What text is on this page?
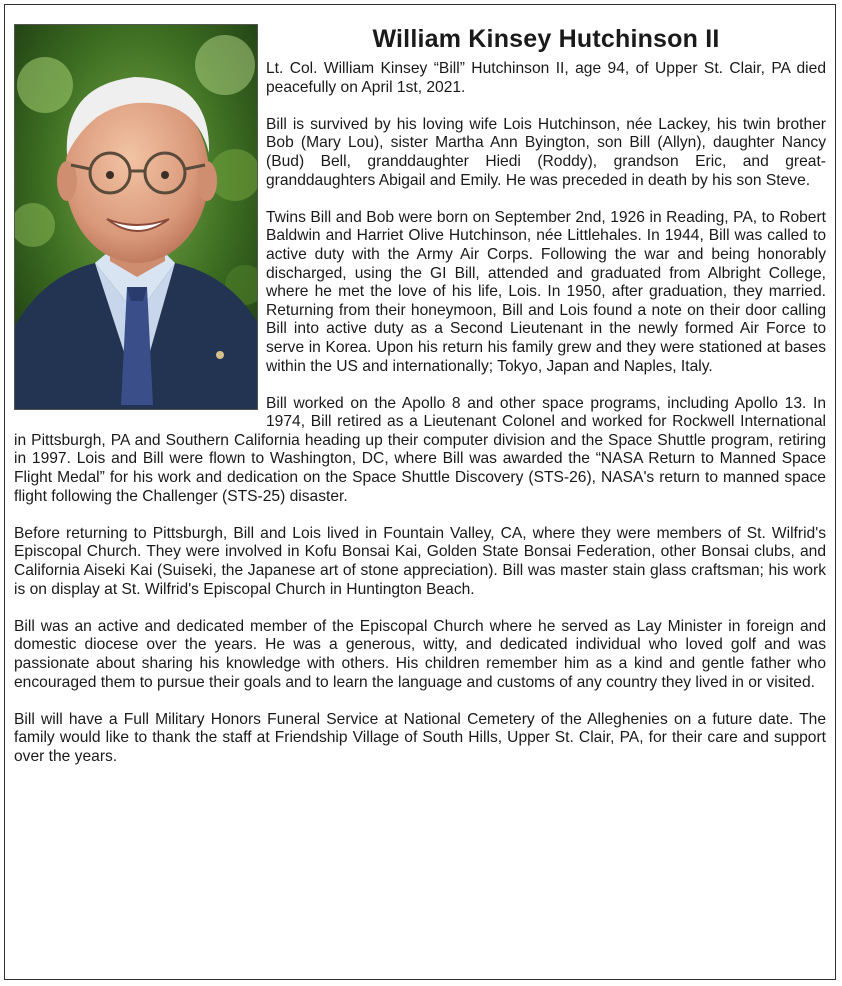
William Kinsey Hutchinson II

Lt. Col. William Kinsey “Bill” Hutchinson II, age 94, of Upper St. Clair, PA died peacefully on April 1st, 2021.

Bill is survived by his loving wife Lois Hutchinson, née Lackey, his twin brother Bob (Mary Lou), sister Martha Ann Byington, son Bill (Allyn), daughter Nancy (Bud) Bell, granddaughter Hiedi (Roddy), grandson Eric, and great-granddaughters Abigail and Emily. He was preceded in death by his son Steve.

Twins Bill and Bob were born on September 2nd, 1926 in Reading, PA, to Robert Baldwin and Harriet Olive Hutchinson, née Littlehales. In 1944, Bill was called to active duty with the Army Air Corps. Following the war and being honorably discharged, using the GI Bill, attended and graduated from Albright College, where he met the love of his life, Lois. In 1950, after graduation, they married. Returning from their honeymoon, Bill and Lois found a note on their door calling Bill into active duty as a Second Lieutenant in the newly formed Air Force to serve in Korea. Upon his return his family grew and they were stationed at bases within the US and internationally; Tokyo, Japan and Naples, Italy.

Bill worked on the Apollo 8 and other space programs, including Apollo 13. In 1974, Bill retired as a Lieutenant Colonel and worked for Rockwell International in Pittsburgh, PA and Southern California heading up their computer division and the Space Shuttle program, retiring in 1997. Lois and Bill were flown to Washington, DC, where Bill was awarded the “NASA Return to Manned Space Flight Medal” for his work and dedication on the Space Shuttle Discovery (STS-26), NASA's return to manned space flight following the Challenger (STS-25) disaster.

Before returning to Pittsburgh, Bill and Lois lived in Fountain Valley, CA, where they were members of St. Wilfrid's Episcopal Church. They were involved in Kofu Bonsai Kai, Golden State Bonsai Federation, other Bonsai clubs, and California Aiseki Kai (Suiseki, the Japanese art of stone appreciation). Bill was master stain glass craftsman; his work is on display at St. Wilfrid's Episcopal Church in Huntington Beach.

Bill was an active and dedicated member of the Episcopal Church where he served as Lay Minister in foreign and domestic diocese over the years. He was a generous, witty, and dedicated individual who loved golf and was passionate about sharing his knowledge with others. His children remember him as a kind and gentle father who encouraged them to pursue their goals and to learn the language and customs of any country they lived in or visited.

Bill will have a Full Military Honors Funeral Service at National Cemetery of the Alleghenies on a future date. The family would like to thank the staff at Friendship Village of South Hills, Upper St. Clair, PA, for their care and support over the years.
